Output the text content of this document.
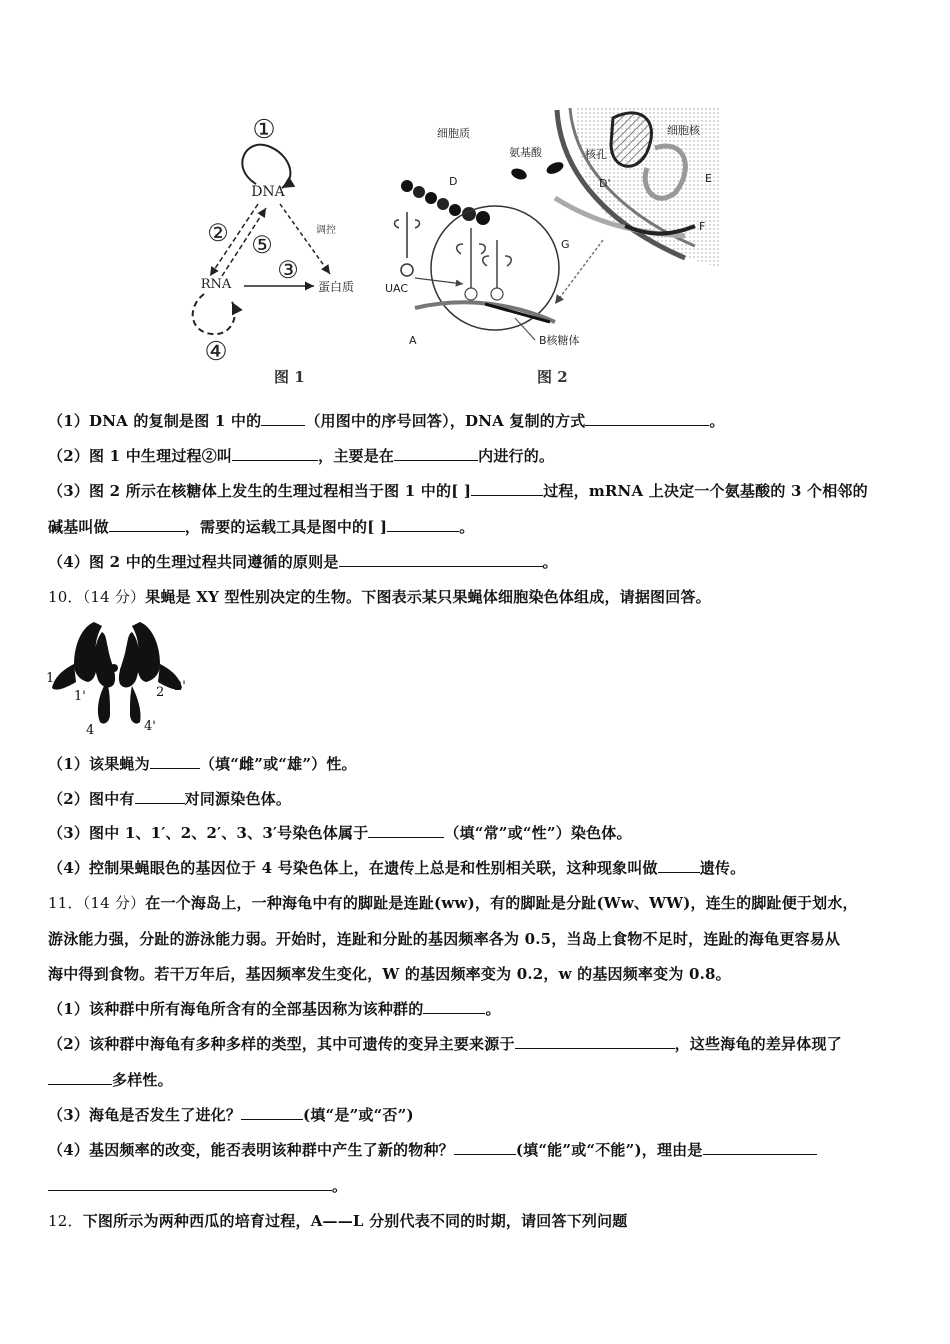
①
DNA
调控
② ⑤
③
RNA	蛋白质
④
图 1
细胞质	细胞核
氨基酸	核孔
D	D'	E
F
G
UAC
A	B核糖体
图 2
（1）DNA 的复制是图 1 中的	（用图中的序号回答），DNA 复制的方式	。
（2）图 1 中生理过程②叫	，主要是在	内进行的。
（3）图 2 所示在核糖体上发生的生理过程相当于图 1 中的[ ]	过程，mRNA 上决定一个氨基酸的 3 个相邻的
碱基叫做	，需要的运载工具是图中的[ ]	。
（4）图 2 中的生理过程共同遵循的原则是	。
10．（14 分）果蝇是 XY 型性别决定的生物。下图表示某只果蝇体细胞染色体组成，请据图回答。
1
1'
3 3'
2 2'
4	4'
（1）该果蝇为	（填“雌”或“雄”）性。
（2）图中有	对同源染色体。
（3）图中 1、1′、2、2′、3、3′号染色体属于	（填“常”或“性”）染色体。
（4）控制果蝇眼色的基因位于 4 号染色体上，在遗传上总是和性别相关联，这种现象叫做	遗传。
11．（14 分）在一个海岛上，一种海龟中有的脚趾是连趾(ww)，有的脚趾是分趾(Ww、WW)，连生的脚趾便于划水，
游泳能力强，分趾的游泳能力弱。开始时，连趾和分趾的基因频率各为 0.5，当岛上食物不足时，连趾的海龟更容易从
海中得到食物。若干万年后，基因频率发生变化，W 的基因频率变为 0.2，w 的基因频率变为 0.8。
（1）该种群中所有海龟所含有的全部基因称为该种群的	。
（2）该种群中海龟有多种多样的类型，其中可遗传的变异主要来源于	，这些海龟的差异体现了
多样性。
（3）海龟是否发生了进化？	(填“是”或“否”)
（4）基因频率的改变，能否表明该种群中产生了新的物种？	(填“能”或“不能”)，理由是
。
12．下图所示为两种西瓜的培育过程，A——L 分别代表不同的时期，请回答下列问题
